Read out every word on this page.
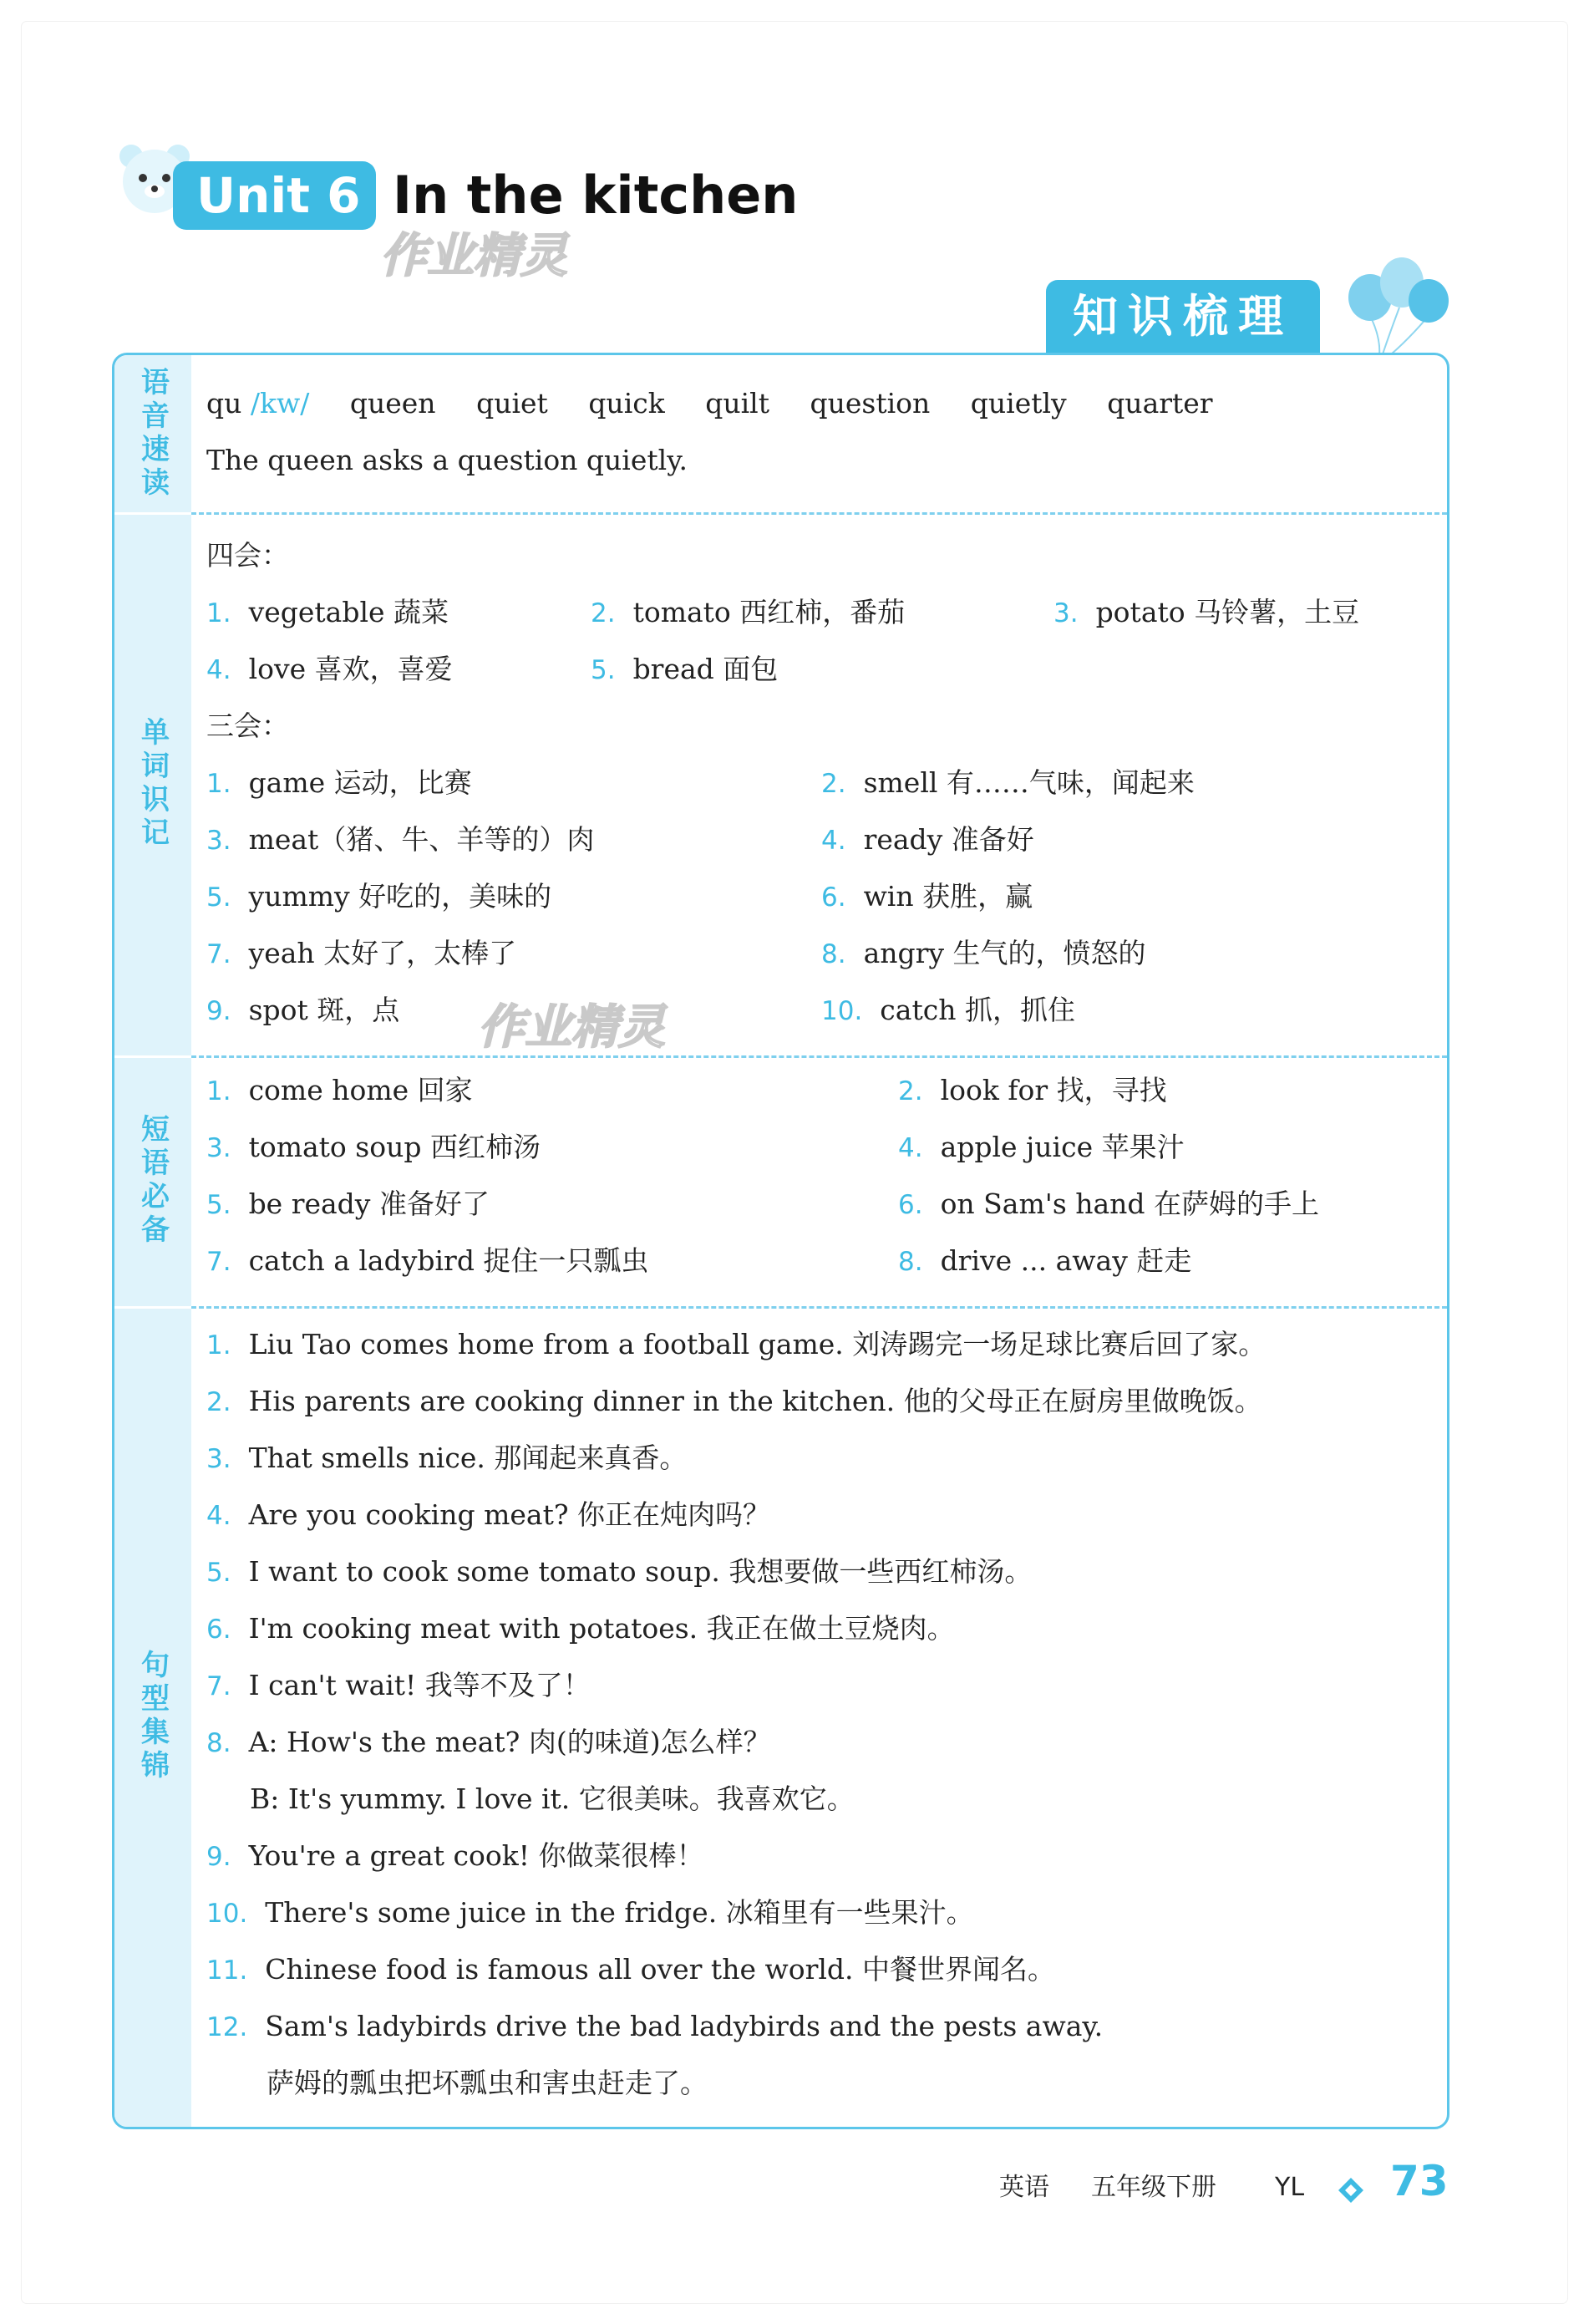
Unit 6 In the kitchen
作业精灵
知识梳理
语音速读
单词识记
短语必备
句型集锦
qu /kw/ queen quiet quick quilt question quietly quarter
The queen asks a question quietly.
四会：
1. vegetable 蔬菜	2. tomato 西红柿，番茄	3. potato 马铃薯，土豆
4. love 喜欢，喜爱	5. bread 面包
三会：
1. game 运动，比赛	2. smell 有……气味，闻起来
3. meat（猪、牛、羊等的）肉	4. ready 准备好
5. yummy 好吃的，美味的	6. win 获胜，赢
7. yeah 太好了，太棒了	8. angry 生气的，愤怒的
9. spot 斑，点	10. catch 抓，抓住
1. come home 回家	2. look for 找，寻找
3. tomato soup 西红柿汤	4. apple juice 苹果汁
5. be ready 准备好了	6. on Sam's hand 在萨姆的手上
7. catch a ladybird 捉住一只瓢虫	8. drive ... away 赶走
1. Liu Tao comes home from a football game. 刘涛踢完一场足球比赛后回了家。
2. His parents are cooking dinner in the kitchen. 他的父母正在厨房里做晚饭。
3. That smells nice. 那闻起来真香。
4. Are you cooking meat? 你正在炖肉吗？
5. I want to cook some tomato soup. 我想要做一些西红柿汤。
6. I'm cooking meat with potatoes. 我正在做土豆烧肉。
7. I can't wait! 我等不及了！
8. A: How's the meat? 肉(的味道)怎么样？
B: It's yummy. I love it. 它很美味。我喜欢它。
9. You're a great cook! 你做菜很棒！
10. There's some juice in the fridge. 冰箱里有一些果汁。
11. Chinese food is famous all over the world. 中餐世界闻名。
12. Sam's ladybirds drive the bad ladybirds and the pests away.
萨姆的瓢虫把坏瓢虫和害虫赶走了。
作业精灵
英语 五年级下册 YL 73
